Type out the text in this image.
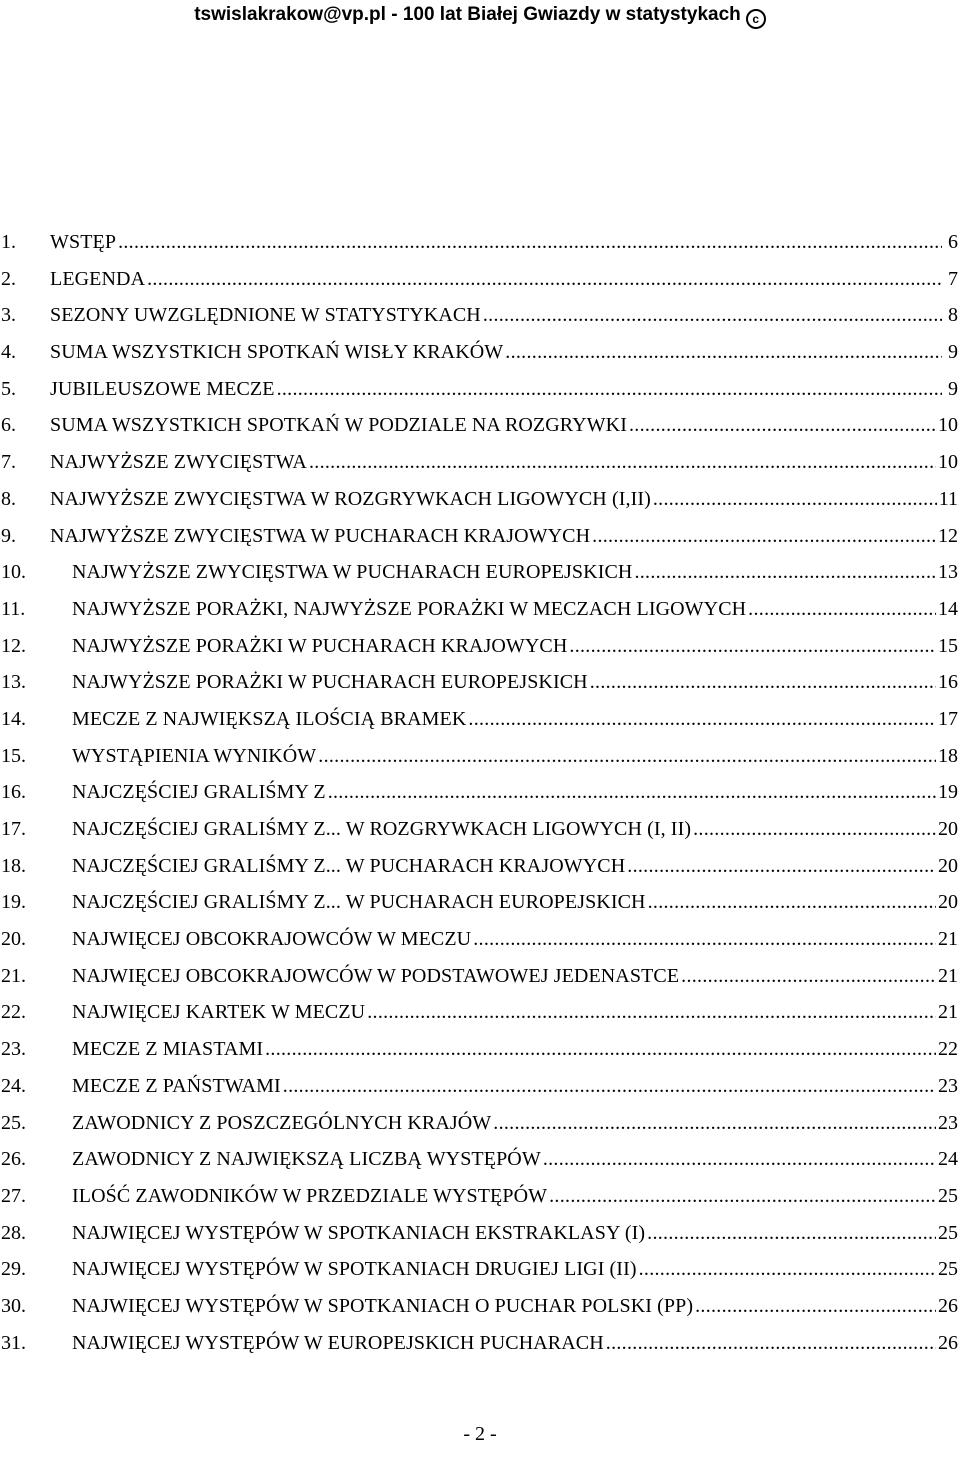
tswislakrakow@vp.pl - 100 lat Białej Gwiazdy w statystykach c
1.	WSTĘP .....	6
2.	LEGENDA .....	7
3.	SEZONY UWZGLĘDNIONE W STATYSTYKACH .....	8
4.	SUMA WSZYSTKICH SPOTKAŃ WISŁY KRAKÓW .....	9
5.	JUBILEUSZOWE MECZE .....	9
6.	SUMA WSZYSTKICH SPOTKAŃ W PODZIALE NA ROZGRYWKI .....	10
7.	NAJWYŻSZE ZWYCIĘSTWA .....	10
8.	NAJWYŻSZE ZWYCIĘSTWA W ROZGRYWKACH LIGOWYCH (I,II) .....	11
9.	NAJWYŻSZE ZWYCIĘSTWA W PUCHARACH KRAJOWYCH .....	12
10.	NAJWYŻSZE ZWYCIĘSTWA W PUCHARACH EUROPEJSKICH .....	13
11.	NAJWYŻSZE PORAŻKI, NAJWYŻSZE PORAŻKI W MECZACH LIGOWYCH .....	14
12.	NAJWYŻSZE PORAŻKI W PUCHARACH KRAJOWYCH .....	15
13.	NAJWYŻSZE PORAŻKI W PUCHARACH EUROPEJSKICH .....	16
14.	MECZE Z NAJWIĘKSZĄ ILOŚCIĄ BRAMEK .....	17
15.	WYSTĄPIENIA WYNIKÓW .....	18
16.	NAJCZĘŚCIEJ GRALIŚMY Z .....	19
17.	NAJCZĘŚCIEJ GRALIŚMY Z... W ROZGRYWKACH LIGOWYCH (I, II) .....	20
18.	NAJCZĘŚCIEJ GRALIŚMY Z... W PUCHARACH KRAJOWYCH .....	20
19.	NAJCZĘŚCIEJ GRALIŚMY Z... W PUCHARACH EUROPEJSKICH .....	20
20.	NAJWIĘCEJ OBCOKRAJOWCÓW W MECZU .....	21
21.	NAJWIĘCEJ OBCOKRAJOWCÓW W PODSTAWOWEJ JEDENASTCE .....	21
22.	NAJWIĘCEJ KARTEK W MECZU .....	21
23.	MECZE Z MIASTAMI .....	22
24.	MECZE Z PAŃSTWAMI .....	23
25.	ZAWODNICY Z POSZCZEGÓLNYCH KRAJÓW .....	23
26.	ZAWODNICY Z NAJWIĘKSZĄ LICZBĄ WYSTĘPÓW .....	24
27.	ILOŚĆ ZAWODNIKÓW W PRZEDZIALE WYSTĘPÓW .....	25
28.	NAJWIĘCEJ WYSTĘPÓW W SPOTKANIACH EKSTRAKLASY (I) .....	25
29.	NAJWIĘCEJ WYSTĘPÓW W SPOTKANIACH DRUGIEJ LIGI (II) .....	25
30.	NAJWIĘCEJ WYSTĘPÓW W SPOTKANIACH O PUCHAR POLSKI (PP) .....	26
31.	NAJWIĘCEJ WYSTĘPÓW W EUROPEJSKICH PUCHARACH .....	26
- 2 -
